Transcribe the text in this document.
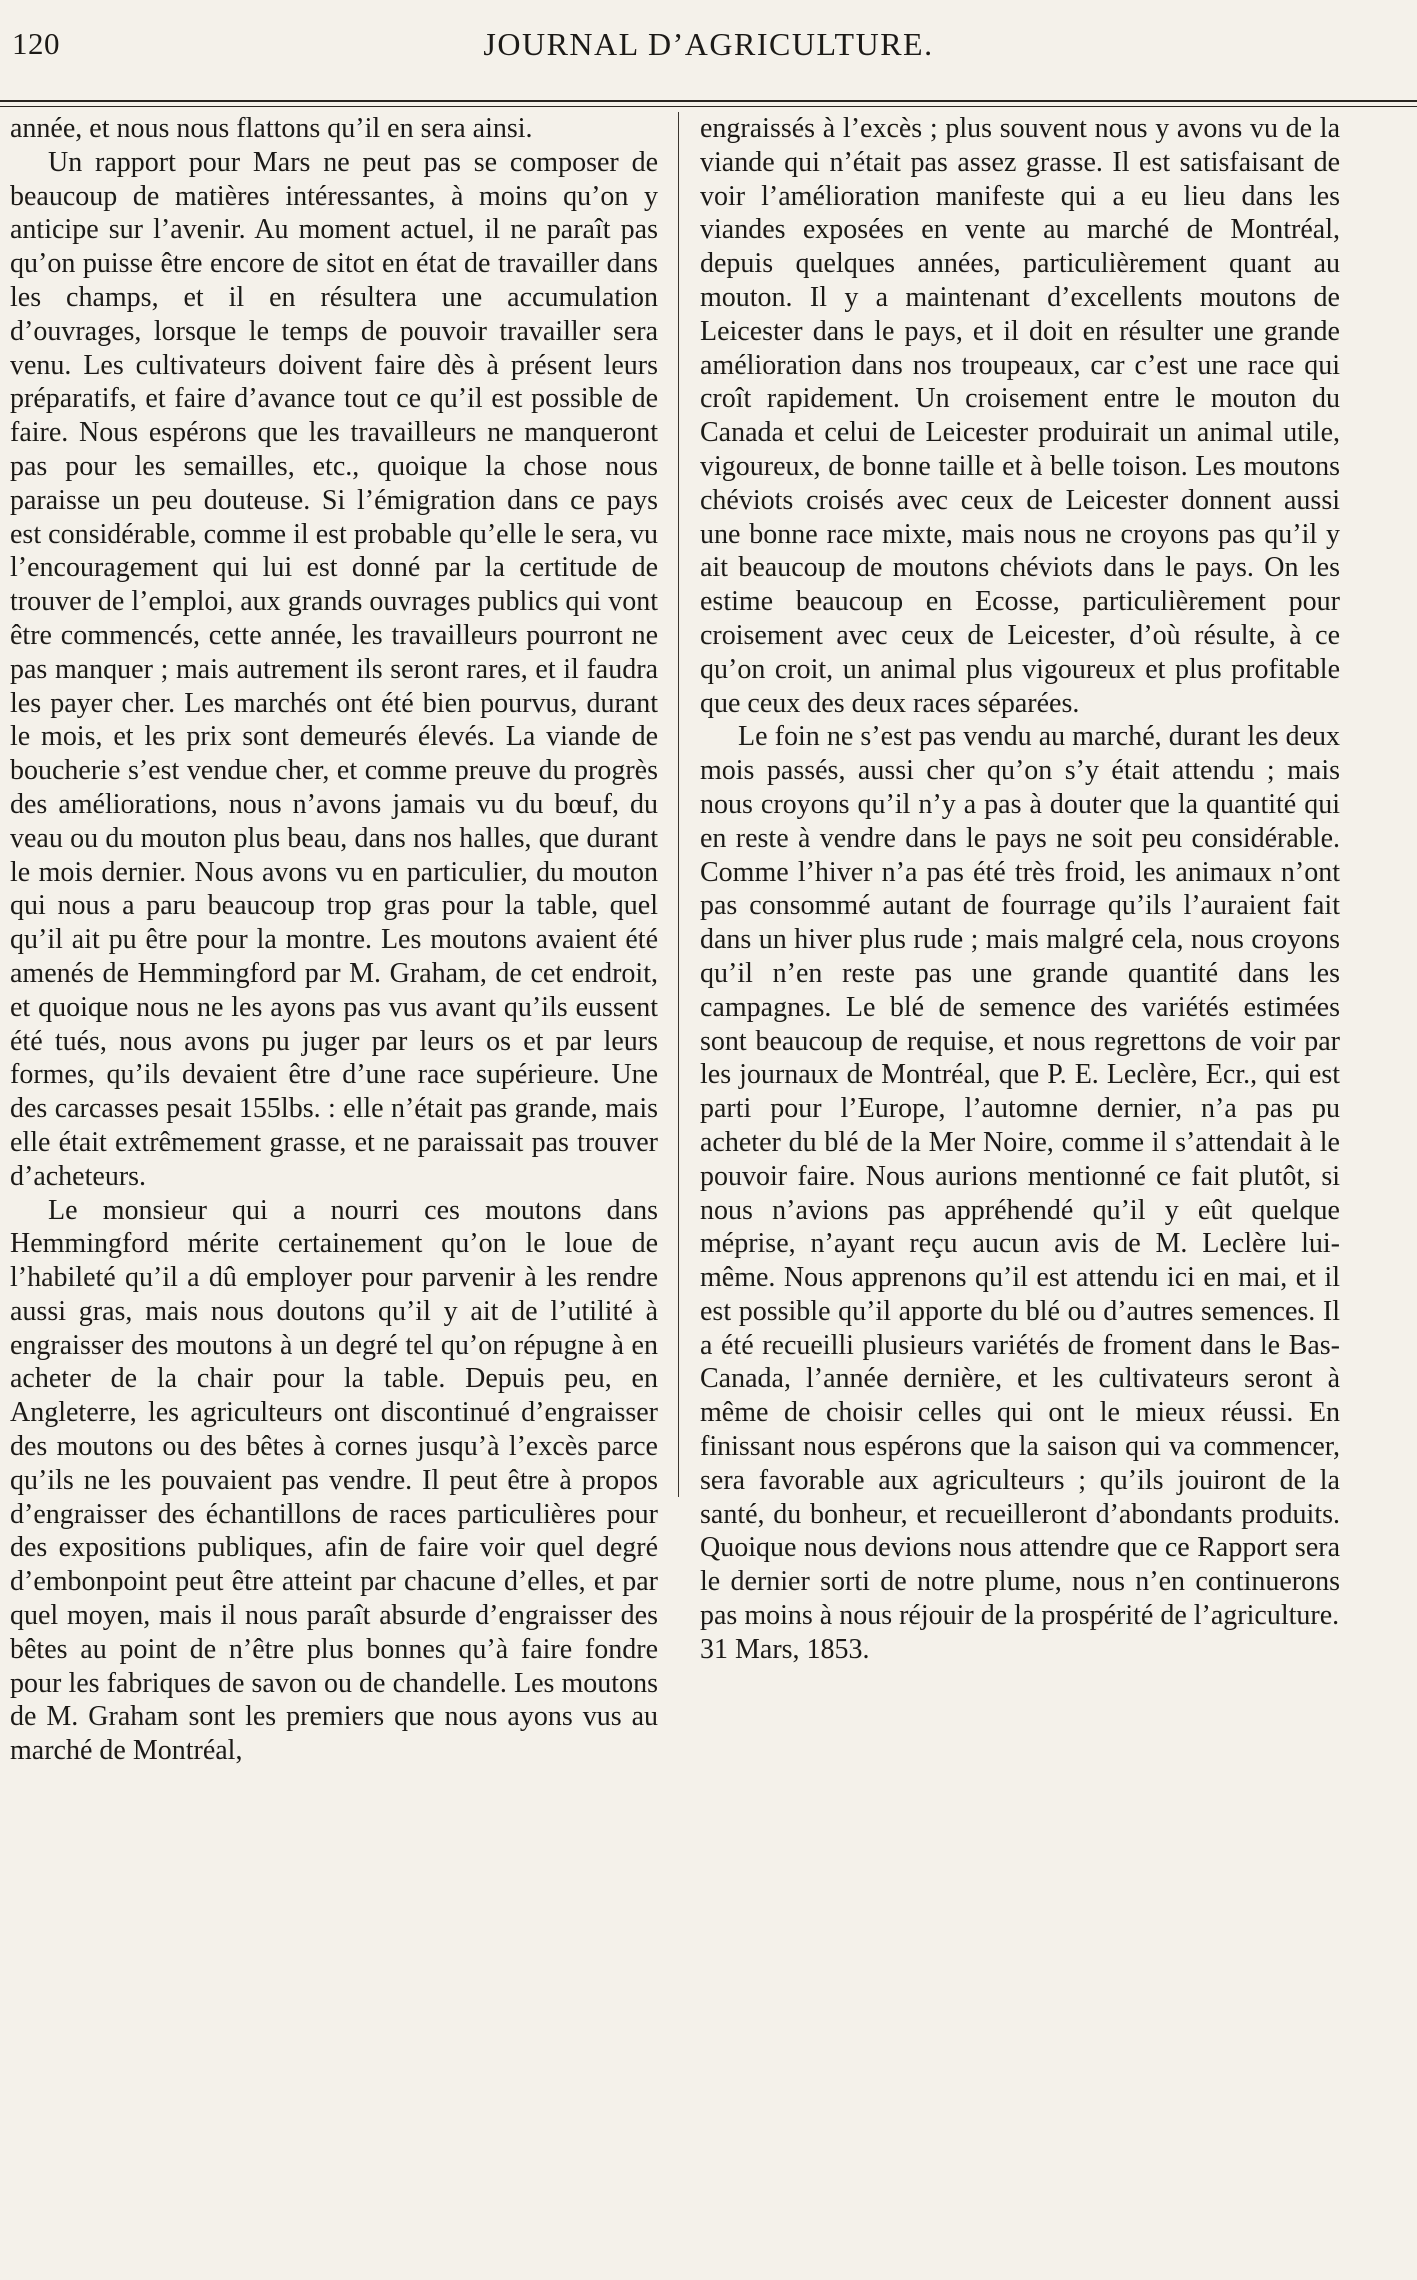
120	JOURNAL D’AGRICULTURE.

année, et nous nous flattons qu’il en sera ainsi.

Un rapport pour Mars ne peut pas se composer de beaucoup de matières intéressantes, à moins qu’on y anticipe sur l’avenir. Au moment actuel, il ne paraît pas qu’on puisse être encore de sitot en état de travailler dans les champs, et il en résultera une accumulation d’ouvrages, lorsque le temps de pouvoir travailler sera venu. Les cultivateurs doivent faire dès à présent leurs préparatifs, et faire d’avance tout ce qu’il est possible de faire. Nous espérons que les travailleurs ne manqueront pas pour les semailles, etc., quoique la chose nous paraisse un peu douteuse. Si l’émigration dans ce pays est considérable, comme il est probable qu’elle le sera, vu l’encouragement qui lui est donné par la certitude de trouver de l’emploi, aux grands ouvrages publics qui vont être commencés, cette année, les travailleurs pourront ne pas manquer ; mais autrement ils seront rares, et il faudra les payer cher. Les marchés ont été bien pourvus, durant le mois, et les prix sont demeurés élevés. La viande de boucherie s’est vendue cher, et comme preuve du progrès des améliorations, nous n’avons jamais vu du bœuf, du veau ou du mouton plus beau, dans nos halles, que durant le mois dernier. Nous avons vu en particulier, du mouton qui nous a paru beaucoup trop gras pour la table, quel qu’il ait pu être pour la montre. Les moutons avaient été amenés de Hemmingford par M. Graham, de cet endroit, et quoique nous ne les ayons pas vus avant qu’ils eussent été tués, nous avons pu juger par leurs os et par leurs formes, qu’ils devaient être d’une race supérieure. Une des carcasses pesait 155lbs. : elle n’était pas grande, mais elle était extrêmement grasse, et ne paraissait pas trouver d’acheteurs.

Le monsieur qui a nourri ces moutons dans Hemmingford mérite certainement qu’on le loue de l’habileté qu’il a dû employer pour parvenir à les rendre aussi gras, mais nous doutons qu’il y ait de l’utilité à engraisser des moutons à un degré tel qu’on répugne à en acheter de la chair pour la table. Depuis peu, en Angleterre, les agriculteurs ont discontinué d’engraisser des moutons ou des bêtes à cornes jusqu’à l’excès parce qu’ils ne les pouvaient pas vendre. Il peut être à propos d’engraisser des échantillons de races particulières pour des expositions publiques, afin de faire voir quel degré d’embonpoint peut être atteint par chacune d’elles, et par quel moyen, mais il nous paraît absurde d’engraisser des bêtes au point de n’être plus bonnes qu’à faire fondre pour les fabriques de savon ou de chandelle. Les moutons de M. Graham sont les premiers que nous ayons vus au marché de Montréal,

engraissés à l’excès ; plus souvent nous y avons vu de la viande qui n’était pas assez grasse. Il est satisfaisant de voir l’amélioration manifeste qui a eu lieu dans les viandes exposées en vente au marché de Montréal, depuis quelques années, particulièrement quant au mouton. Il y a maintenant d’excellents moutons de Leicester dans le pays, et il doit en résulter une grande amélioration dans nos troupeaux, car c’est une race qui croît rapidement. Un croisement entre le mouton du Canada et celui de Leicester produirait un animal utile, vigoureux, de bonne taille et à belle toison. Les moutons chéviots croisés avec ceux de Leicester donnent aussi une bonne race mixte, mais nous ne croyons pas qu’il y ait beaucoup de moutons chéviots dans le pays. On les estime beaucoup en Ecosse, particulièrement pour croisement avec ceux de Leicester, d’où résulte, à ce qu’on croit, un animal plus vigoureux et plus profitable que ceux des deux races séparées.

Le foin ne s’est pas vendu au marché, durant les deux mois passés, aussi cher qu’on s’y était attendu ; mais nous croyons qu’il n’y a pas à douter que la quantité qui en reste à vendre dans le pays ne soit peu considérable. Comme l’hiver n’a pas été très froid, les animaux n’ont pas consommé autant de fourrage qu’ils l’auraient fait dans un hiver plus rude ; mais malgré cela, nous croyons qu’il n’en reste pas une grande quantité dans les campagnes. Le blé de semence des variétés estimées sont beaucoup de requise, et nous regrettons de voir par les journaux de Montréal, que P. E. Leclère, Ecr., qui est parti pour l’Europe, l’automne dernier, n’a pas pu acheter du blé de la Mer Noire, comme il s’attendait à le pouvoir faire. Nous aurions mentionné ce fait plutôt, si nous n’avions pas appréhendé qu’il y eût quelque méprise, n’ayant reçu aucun avis de M. Leclère lui-même. Nous apprenons qu’il est attendu ici en mai, et il est possible qu’il apporte du blé ou d’autres semences. Il a été recueilli plusieurs variétés de froment dans le Bas-Canada, l’année dernière, et les cultivateurs seront à même de choisir celles qui ont le mieux réussi. En finissant nous espérons que la saison qui va commencer, sera favorable aux agriculteurs ; qu’ils jouiront de la santé, du bonheur, et recueilleront d’abondants produits. Quoique nous devions nous attendre que ce Rapport sera le dernier sorti de notre plume, nous n’en continuerons pas moins à nous réjouir de la prospérité de l’agriculture.

31 Mars, 1853.
